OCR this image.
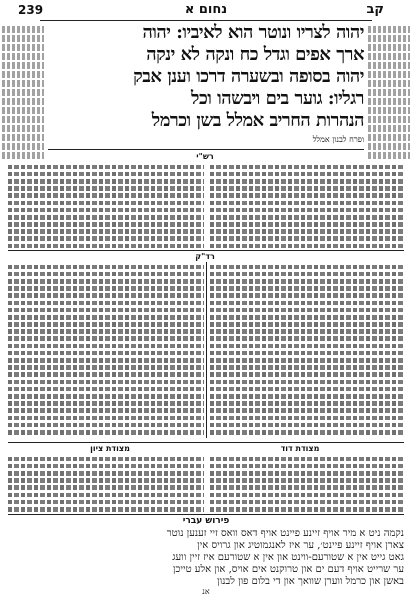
239	נחום א	קב
יהוה לצריו ונוטר הוא לאיביו: יהוה
ארך אפים וגדל כח ונקה לא ינקה
יהוה בסופה ובשערה דרכו וענן אבק
רגליו: גוער בים ויבשהו וכל
הנהרות החריב אמלל בשן וכרמל
ופרח לבנון אמלל
רש"י
רד"ק
מצודת ציון	מצודת דוד
פירוש עברי
נקמה ניט א מיר אויף זיינע פיינט אויף דאס וואס זיי זענען נוטר
צארן אויף זיינע פיינט׳, ער איז לאנגמוטיג און גרויס אין
גאט גייט אין א שטורעם-ווינט און אין א שטורעם איז זיין וועג
ער שרייט אויף דעם ים און טרוקנט אים אויס, און אלע טייכן
באשן און כרמל ווערן שוואך און די בלום פון לבנון
אנ
